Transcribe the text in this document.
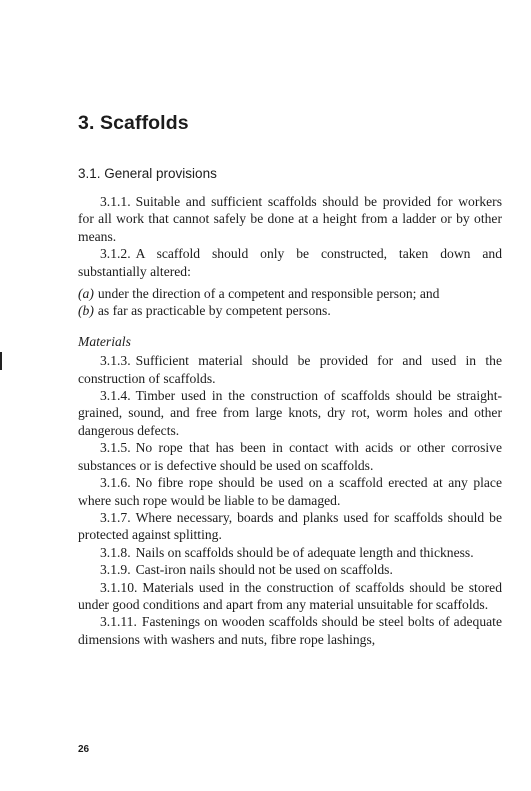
3. Scaffolds
3.1. General provisions

3.1.1. Suitable and sufficient scaffolds should be provided for workers for all work that cannot safely be done at a height from a ladder or by other means.

3.1.2. A scaffold should only be constructed, taken down and substantially altered:

(a) under the direction of a competent and responsible person; and

(b) as far as practicable by competent persons.

Materials

3.1.3. Sufficient material should be provided for and used in the construction of scaffolds.

3.1.4. Timber used in the construction of scaffolds should be straight-grained, sound, and free from large knots, dry rot, worm holes and other dangerous defects.

3.1.5. No rope that has been in contact with acids or other corrosive substances or is defective should be used on scaffolds.

3.1.6. No fibre rope should be used on a scaffold erected at any place where such rope would be liable to be damaged.

3.1.7. Where necessary, boards and planks used for scaffolds should be protected against splitting.

3.1.8. Nails on scaffolds should be of adequate length and thickness.

3.1.9. Cast-iron nails should not be used on scaffolds.

3.1.10. Materials used in the construction of scaffolds should be stored under good conditions and apart from any material unsuitable for scaffolds.

3.1.11. Fastenings on wooden scaffolds should be steel bolts of adequate dimensions with washers and nuts, fibre rope lashings,

26
